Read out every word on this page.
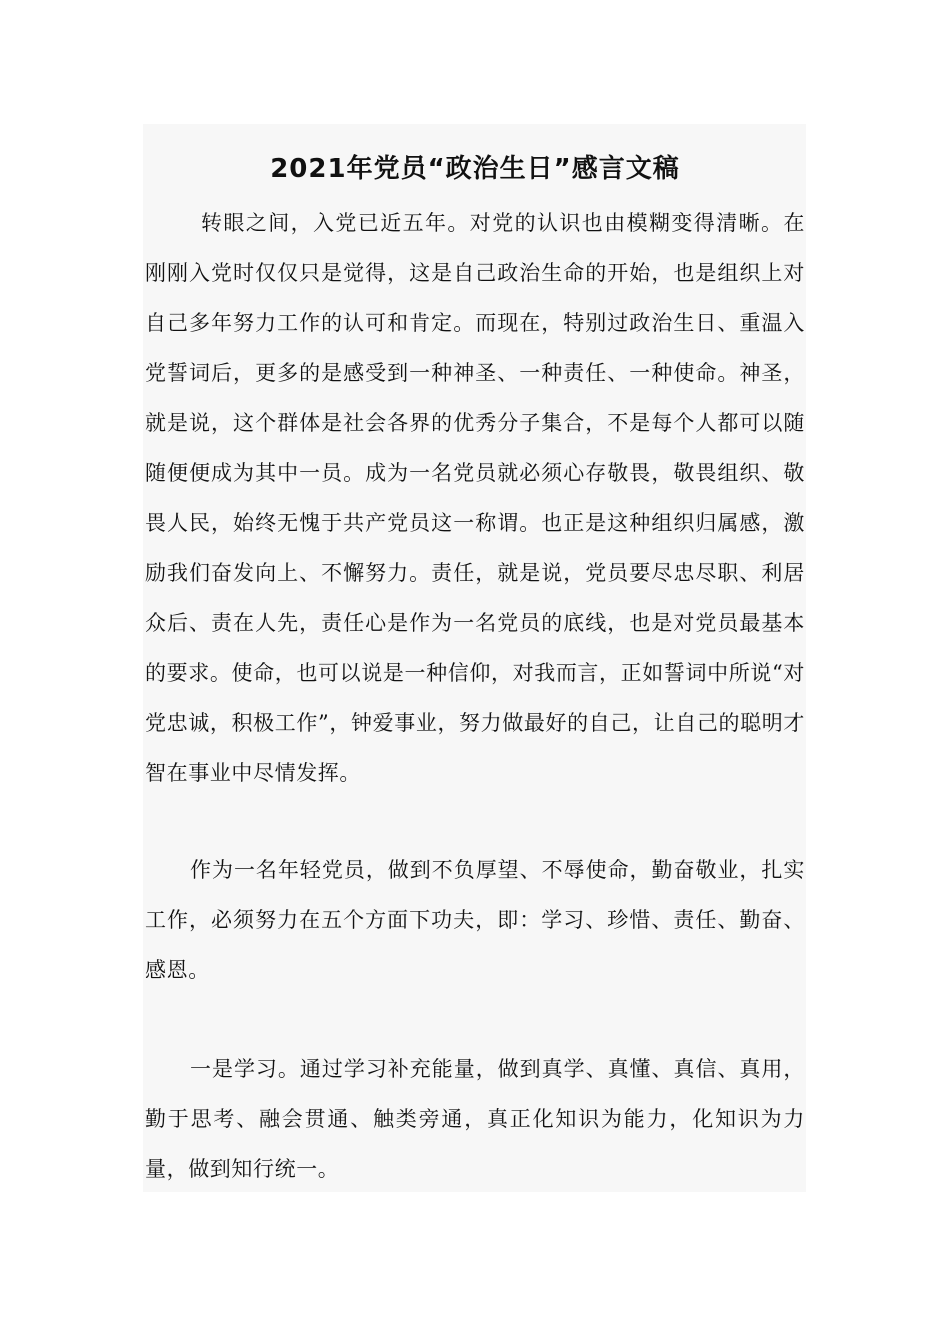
2021年党员“政治生日”感言文稿

转眼之间，入党已近五年。对党的认识也由模糊变得清晰。在刚刚入党时仅仅只是觉得，这是自己政治生命的开始，也是组织上对自己多年努力工作的认可和肯定。而现在，特别过政治生日、重温入党誓词后，更多的是感受到一种神圣、一种责任、一种使命。神圣，就是说，这个群体是社会各界的优秀分子集合，不是每个人都可以随随便便成为其中一员。成为一名党员就必须心存敬畏，敬畏组织、敬畏人民，始终无愧于共产党员这一称谓。也正是这种组织归属感，激励我们奋发向上、不懈努力。责任，就是说，党员要尽忠尽职、利居众后、责在人先，责任心是作为一名党员的底线，也是对党员最基本的要求。使命，也可以说是一种信仰，对我而言，正如誓词中所说“对党忠诚，积极工作”，钟爱事业，努力做最好的自己，让自己的聪明才智在事业中尽情发挥。

作为一名年轻党员，做到不负厚望、不辱使命，勤奋敬业，扎实工作，必须努力在五个方面下功夫，即：学习、珍惜、责任、勤奋、感恩。

一是学习。通过学习补充能量，做到真学、真懂、真信、真用，勤于思考、融会贯通、触类旁通，真正化知识为能力，化知识为力量，做到知行统一。
